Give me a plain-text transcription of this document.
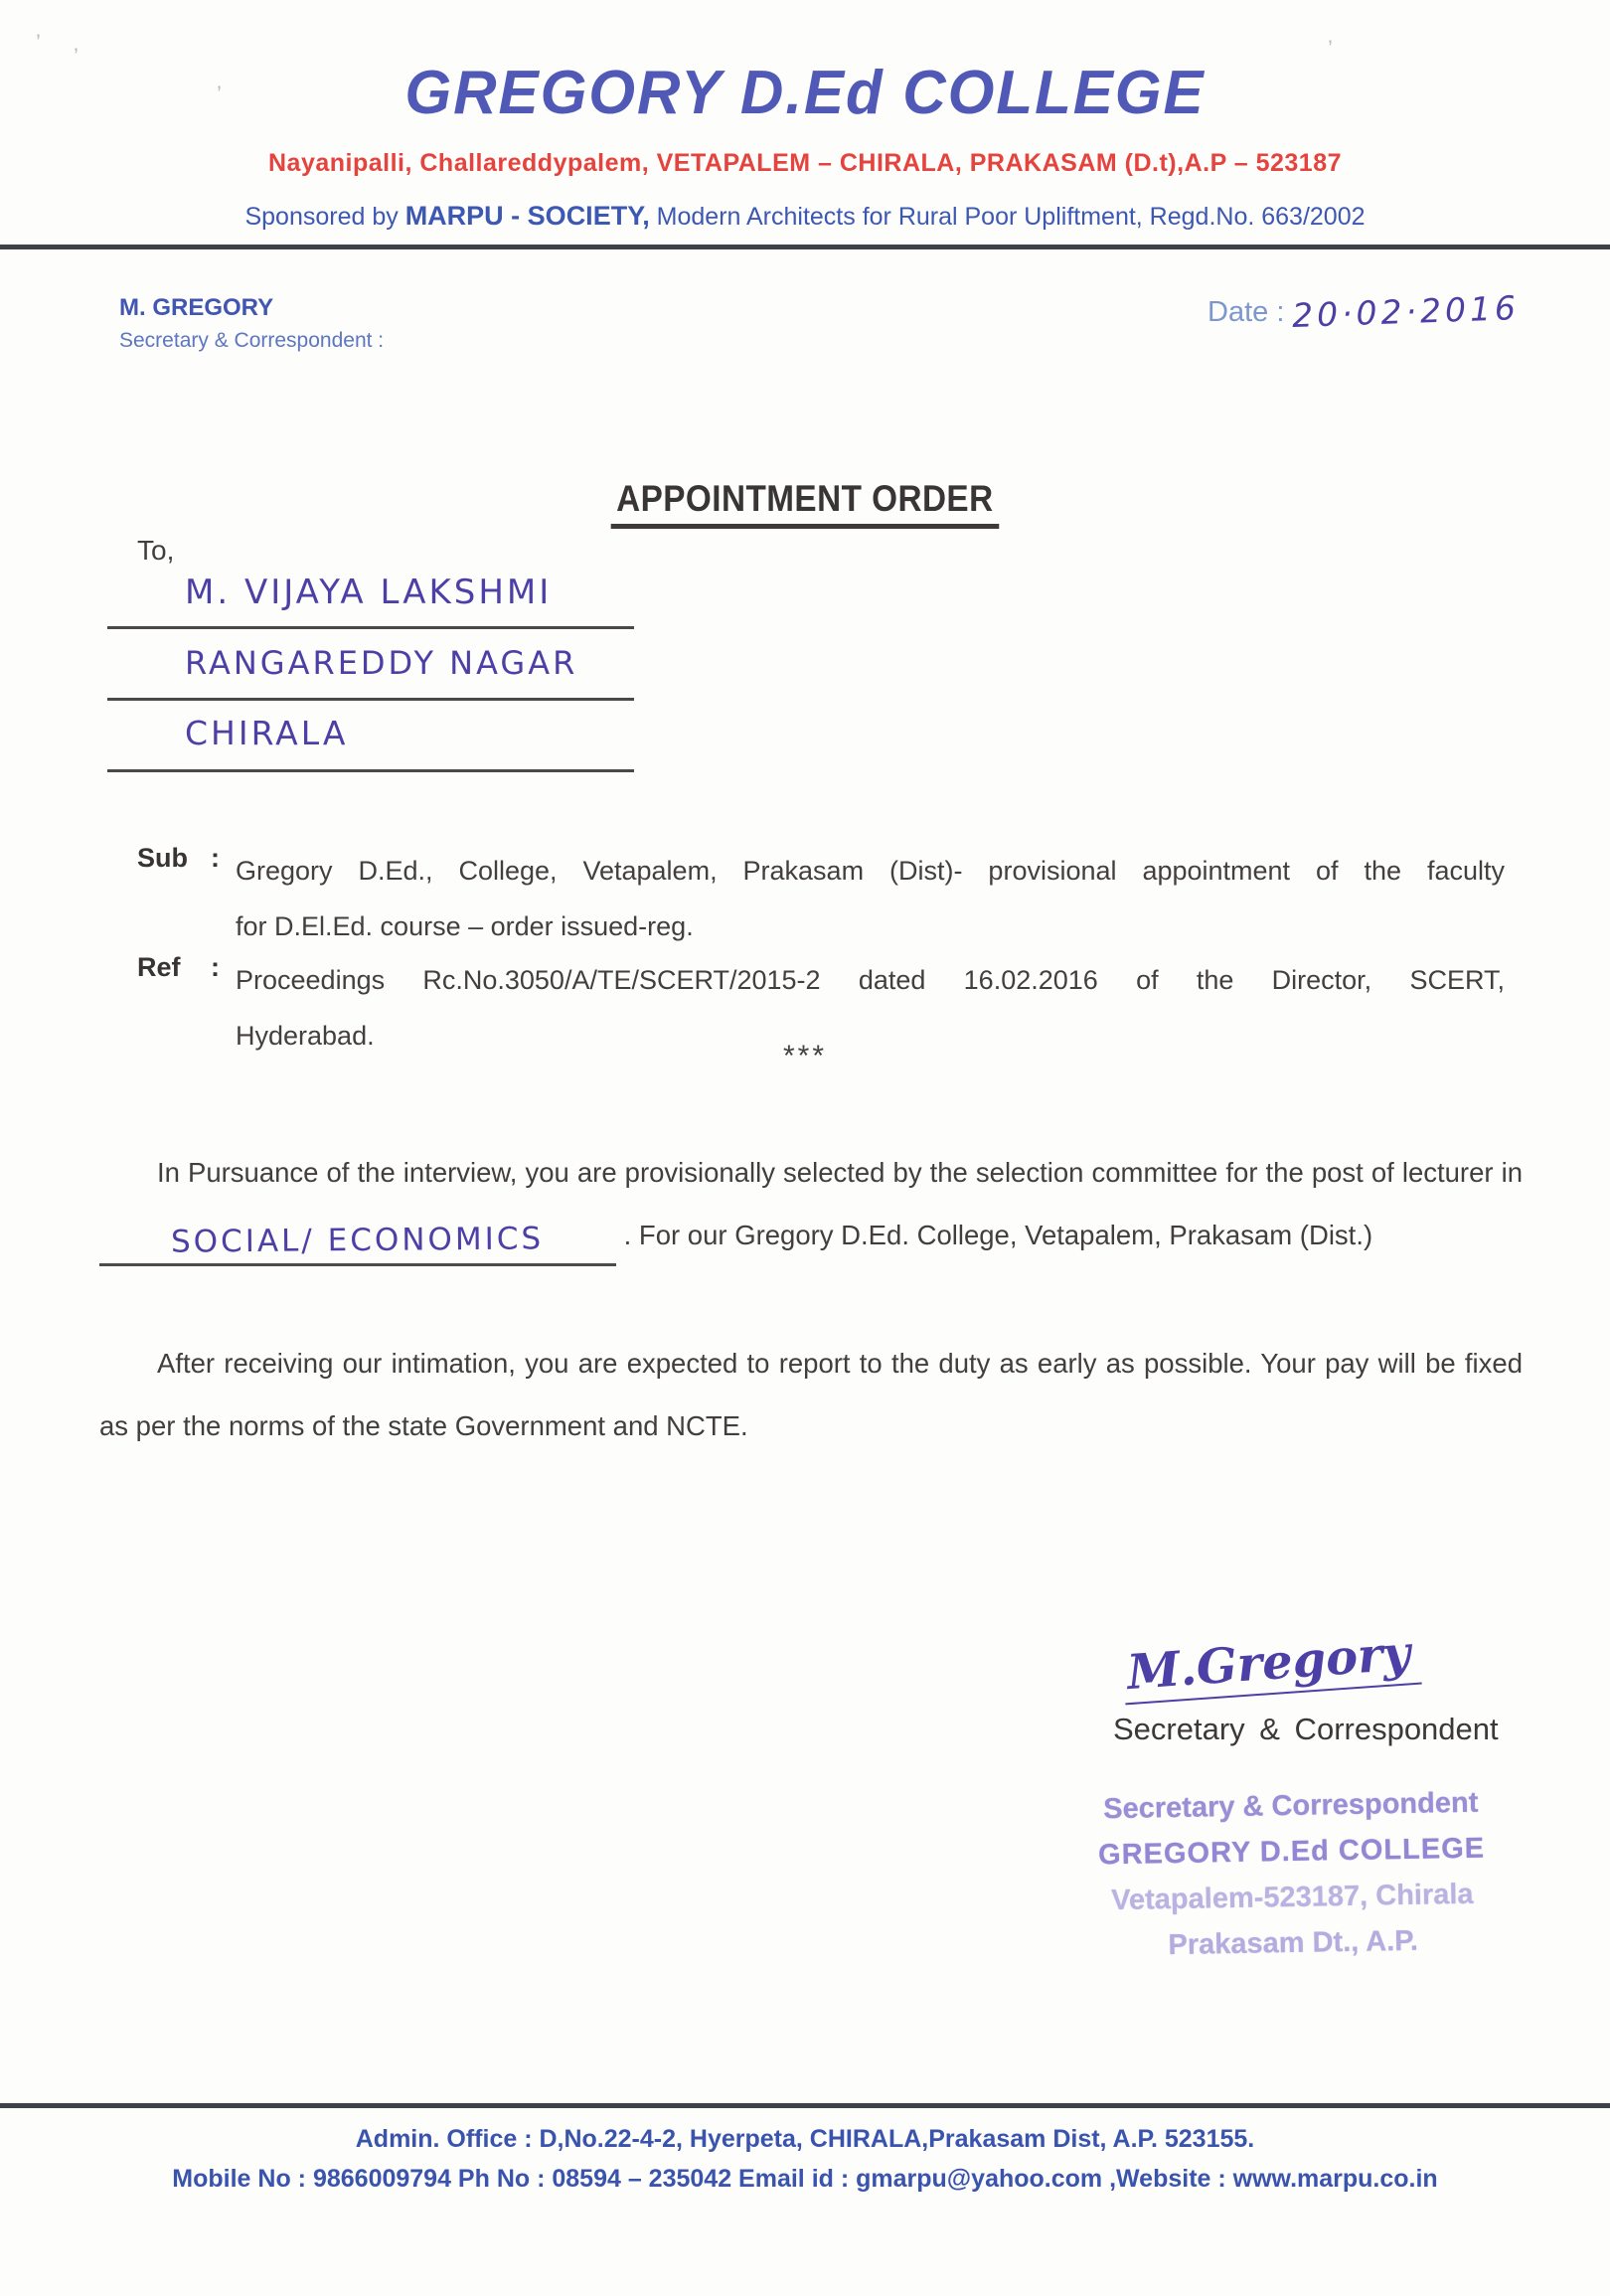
’
’
’
’
GREGORY D.Ed COLLEGE
Nayanipalli, Challareddypalem, VETAPALEM – CHIRALA, PRAKASAM (D.t),A.P – 523187
Sponsored by MARPU - SOCIETY, Modern Architects for Rural Poor Upliftment, Regd.No. 663/2002
M. GREGORY
Secretary & Correspondent :
Date : 20·02·2016
APPOINTMENT ORDER
To,
M. VIJAYA LAKSHMI
RANGAREDDY NAGAR
CHIRALA
Sub : Gregory D.Ed., College, Vetapalem, Prakasam (Dist)- provisional appointment of the faculty
for D.El.Ed. course – order issued-reg.
Ref : Proceedings Rc.No.3050/A/TE/SCERT/2015-2 dated 16.02.2016 of the Director, SCERT,
Hyderabad.
***
In Pursuance of the interview, you are provisionally selected by the selection committee for the post of lecturer in SOCIAL/ ECONOMICS	. For our Gregory D.Ed. College, Vetapalem, Prakasam (Dist.)
After receiving our intimation, you are expected to report to the duty as early as possible. Your pay will be fixed as per the norms of the state Government and NCTE.
M.Gregory
Secretary & Correspondent
Secretary & Correspondent
GREGORY D.Ed COLLEGE
Vetapalem-523187, Chirala
Prakasam Dt., A.P.
Admin. Office : D,No.22-4-2, Hyerpeta, CHIRALA,Prakasam Dist, A.P. 523155.
Mobile No : 9866009794 Ph No : 08594 – 235042 Email id : gmarpu@yahoo.com ,Website : www.marpu.co.in
